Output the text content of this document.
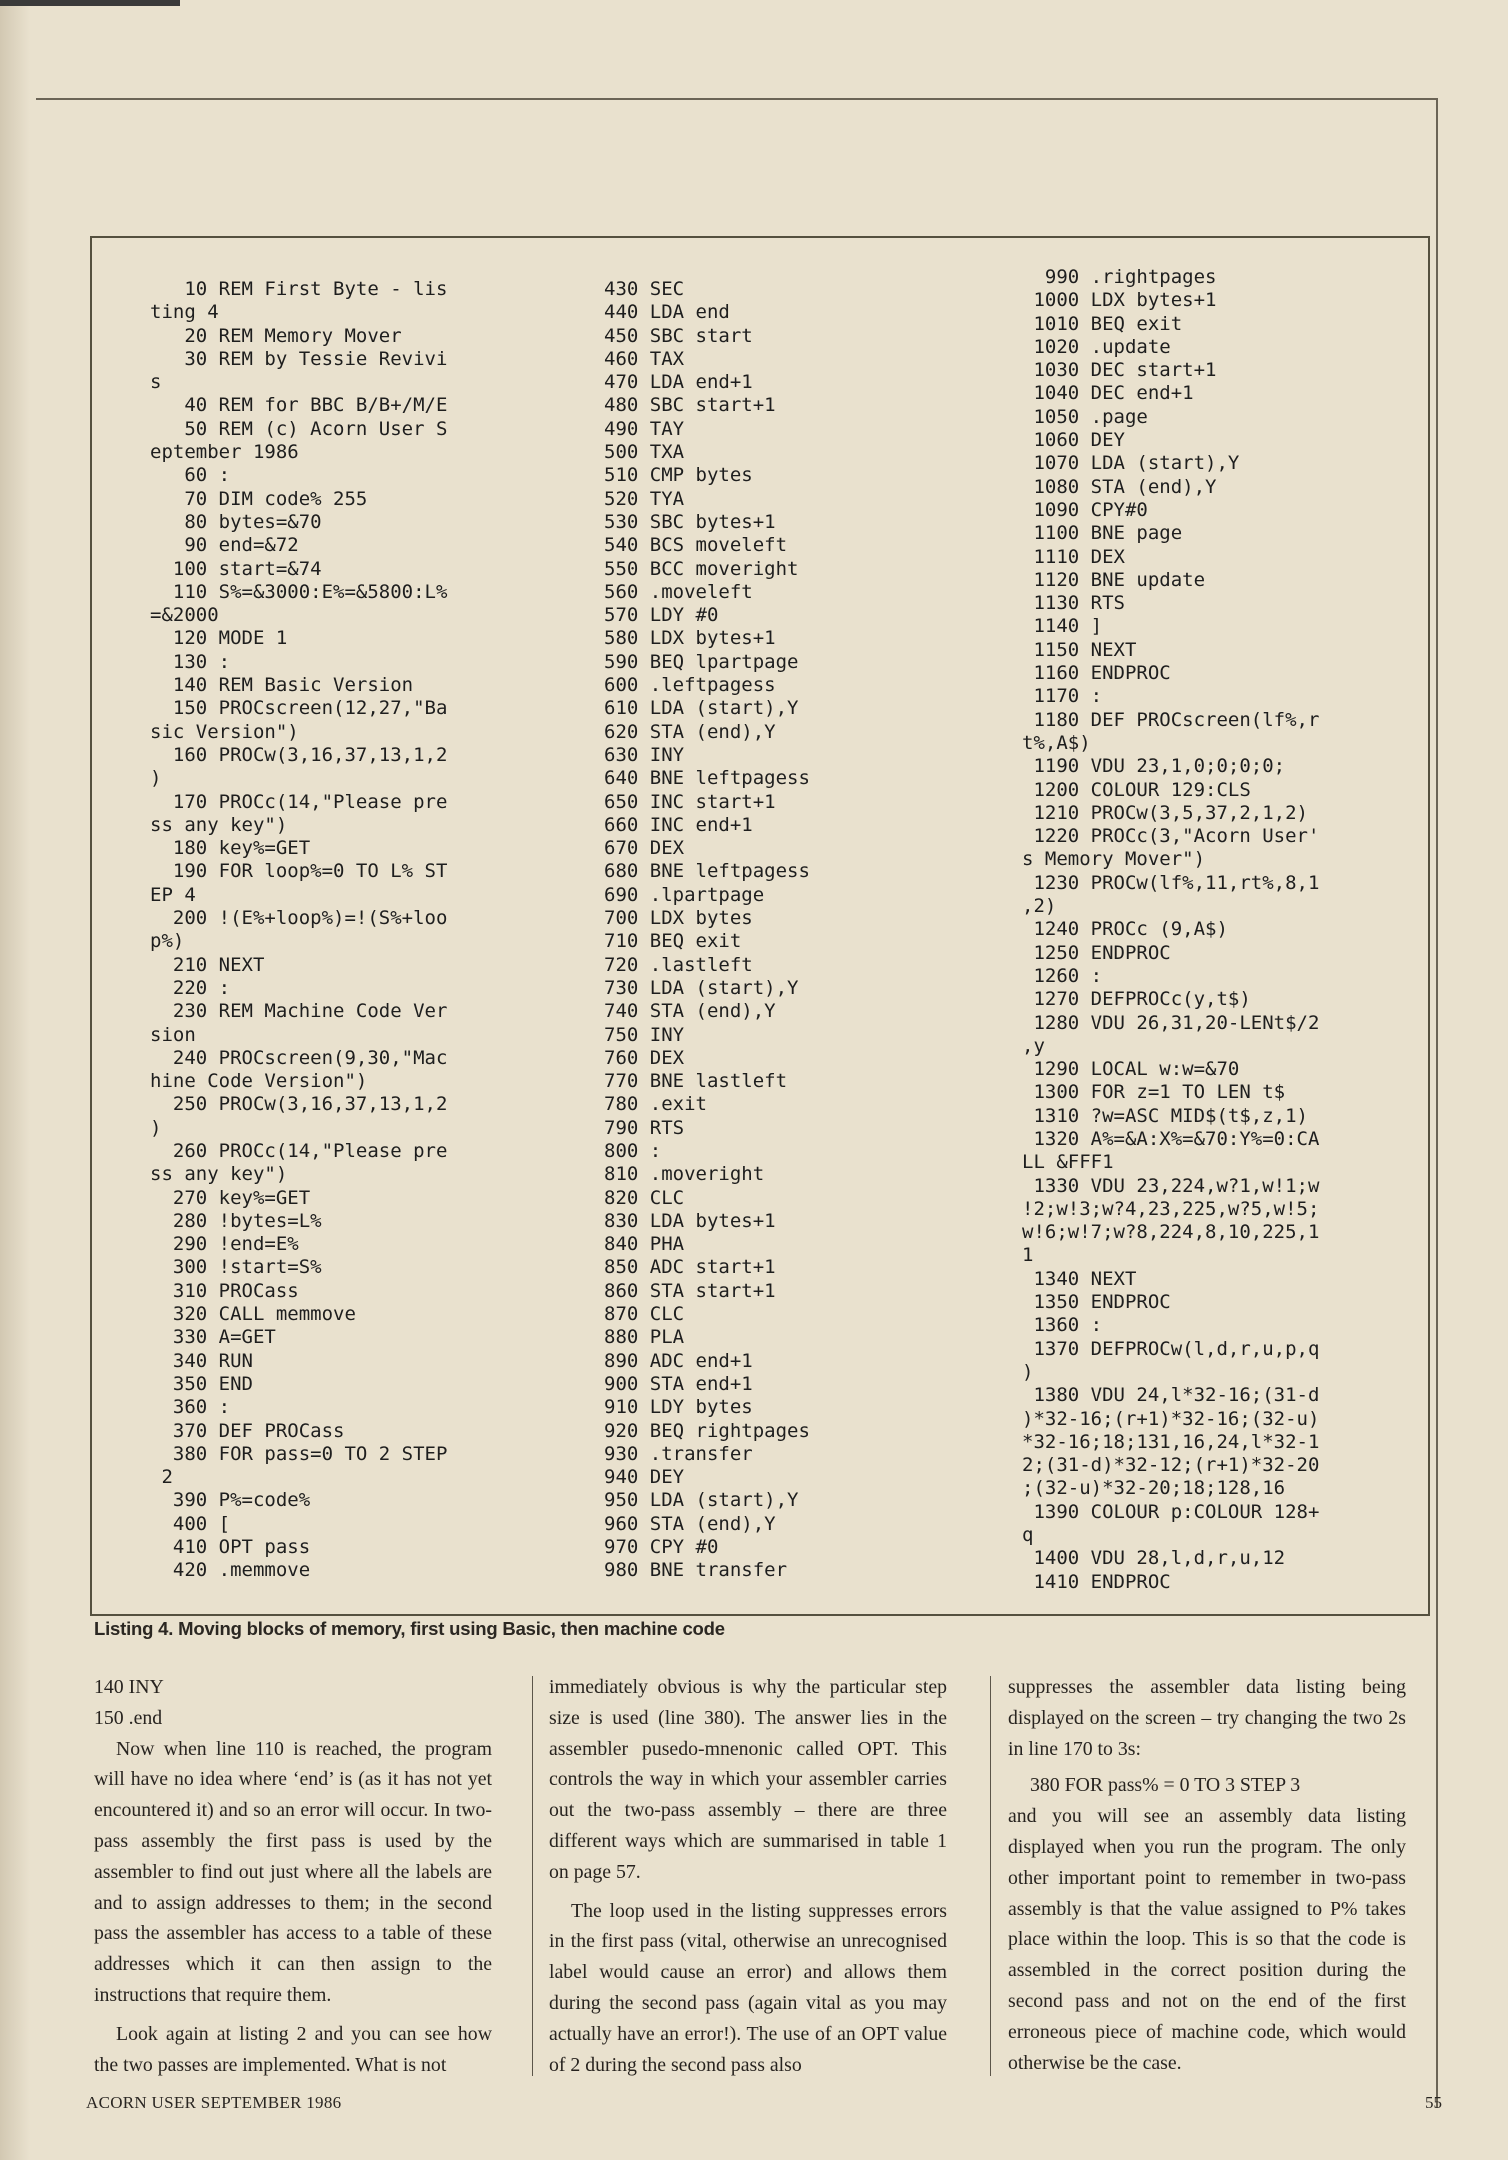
10 REM First Byte - lis
ting 4
20 REM Memory Mover
30 REM by Tessie Revivi
s
40 REM for BBC B/B+/M/E
50 REM (c) Acorn User S
eptember 1986
60 :
70 DIM code% 255
80 bytes=&70
90 end=&72
100 start=&74
110 S%=&3000:E%=&5800:L%
=&2000
120 MODE 1
130 :
140 REM Basic Version
150 PROCscreen(12,27,"Ba
sic Version")
160 PROCw(3,16,37,13,1,2
)
170 PROCc(14,"Please pre
ss any key")
180 key%=GET
190 FOR loop%=0 TO L% ST
EP 4
200 !(E%+loop%)=!(S%+loo
p%)
210 NEXT
220 :
230 REM Machine Code Ver
sion
240 PROCscreen(9,30,"Mac
hine Code Version")
250 PROCw(3,16,37,13,1,2
)
260 PROCc(14,"Please pre
ss any key")
270 key%=GET
280 !bytes=L%
290 !end=E%
300 !start=S%
310 PROCass
320 CALL memmove
330 A=GET
340 RUN
350 END
360 :
370 DEF PROCass
380 FOR pass=0 TO 2 STEP
2
390 P%=code%
400 [
410 OPT pass
420 .memmove
430 SEC
440 LDA end
450 SBC start
460 TAX
470 LDA end+1
480 SBC start+1
490 TAY
500 TXA
510 CMP bytes
520 TYA
530 SBC bytes+1
540 BCS moveleft
550 BCC moveright
560 .moveleft
570 LDY #0
580 LDX bytes+1
590 BEQ lpartpage
600 .leftpagess
610 LDA (start),Y
620 STA (end),Y
630 INY
640 BNE leftpagess
650 INC start+1
660 INC end+1
670 DEX
680 BNE leftpagess
690 .lpartpage
700 LDX bytes
710 BEQ exit
720 .lastleft
730 LDA (start),Y
740 STA (end),Y
750 INY
760 DEX
770 BNE lastleft
780 .exit
790 RTS
800 :
810 .moveright
820 CLC
830 LDA bytes+1
840 PHA
850 ADC start+1
860 STA start+1
870 CLC
880 PLA
890 ADC end+1
900 STA end+1
910 LDY bytes
920 BEQ rightpages
930 .transfer
940 DEY
950 LDA (start),Y
960 STA (end),Y
970 CPY #0
980 BNE transfer
990 .rightpages
1000 LDX bytes+1
1010 BEQ exit
1020 .update
1030 DEC start+1
1040 DEC end+1
1050 .page
1060 DEY
1070 LDA (start),Y
1080 STA (end),Y
1090 CPY#0
1100 BNE page
1110 DEX
1120 BNE update
1130 RTS
1140 ]
1150 NEXT
1160 ENDPROC
1170 :
1180 DEF PROCscreen(lf%,r
t%,A$)
1190 VDU 23,1,0;0;0;0;
1200 COLOUR 129:CLS
1210 PROCw(3,5,37,2,1,2)
1220 PROCc(3,"Acorn User'
s Memory Mover")
1230 PROCw(lf%,11,rt%,8,1
,2)
1240 PROCc (9,A$)
1250 ENDPROC
1260 :
1270 DEFPROCc(y,t$)
1280 VDU 26,31,20-LENt$/2
,y
1290 LOCAL w:w=&70
1300 FOR z=1 TO LEN t$
1310 ?w=ASC MID$(t$,z,1)
1320 A%=&A:X%=&70:Y%=0:CA
LL &FFF1
1330 VDU 23,224,w?1,w!1;w
!2;w!3;w?4,23,225,w?5,w!5;
w!6;w!7;w?8,224,8,10,225,1
1
1340 NEXT
1350 ENDPROC
1360 :
1370 DEFPROCw(l,d,r,u,p,q
)
1380 VDU 24,l*32-16;(31-d
)*32-16;(r+1)*32-16;(32-u)
*32-16;18;131,16,24,l*32-1
2;(31-d)*32-12;(r+1)*32-20
;(32-u)*32-20;18;128,16
1390 COLOUR p:COLOUR 128+
q
1400 VDU 28,l,d,r,u,12
1410 ENDPROC
Listing 4. Moving blocks of memory, first using Basic, then machine code

140 INY

150 .end

Now when line 110 is reached, the program will have no idea where ‘end’ is (as it has not yet encountered it) and so an error will occur. In two-pass assembly the first pass is used by the assembler to find out just where all the labels are and to assign addresses to them; in the second pass the assembler has access to a table of these addresses which it can then assign to the instructions that require them.

Look again at listing 2 and you can see how the two passes are implemented. What is not

immediately obvious is why the particular step size is used (line 380). The answer lies in the assembler pusedo-mnenonic called OPT. This controls the way in which your assembler carries out the two-pass assembly – there are three different ways which are summarised in table 1 on page 57.

The loop used in the listing suppresses errors in the first pass (vital, otherwise an unrecognised label would cause an error) and allows them during the second pass (again vital as you may actually have an error!). The use of an OPT value of 2 during the second pass also

suppresses the assembler data listing being displayed on the screen – try changing the two 2s in line 170 to 3s:

380 FOR pass% = 0 TO 3 STEP 3

and you will see an assembly data listing displayed when you run the program. The only other important point to remember in two-pass assembly is that the value assigned to P% takes place within the loop. This is so that the code is assembled in the correct position during the second pass and not on the end of the first erroneous piece of machine code, which would otherwise be the case.

ACORN USER SEPTEMBER 1986	55
